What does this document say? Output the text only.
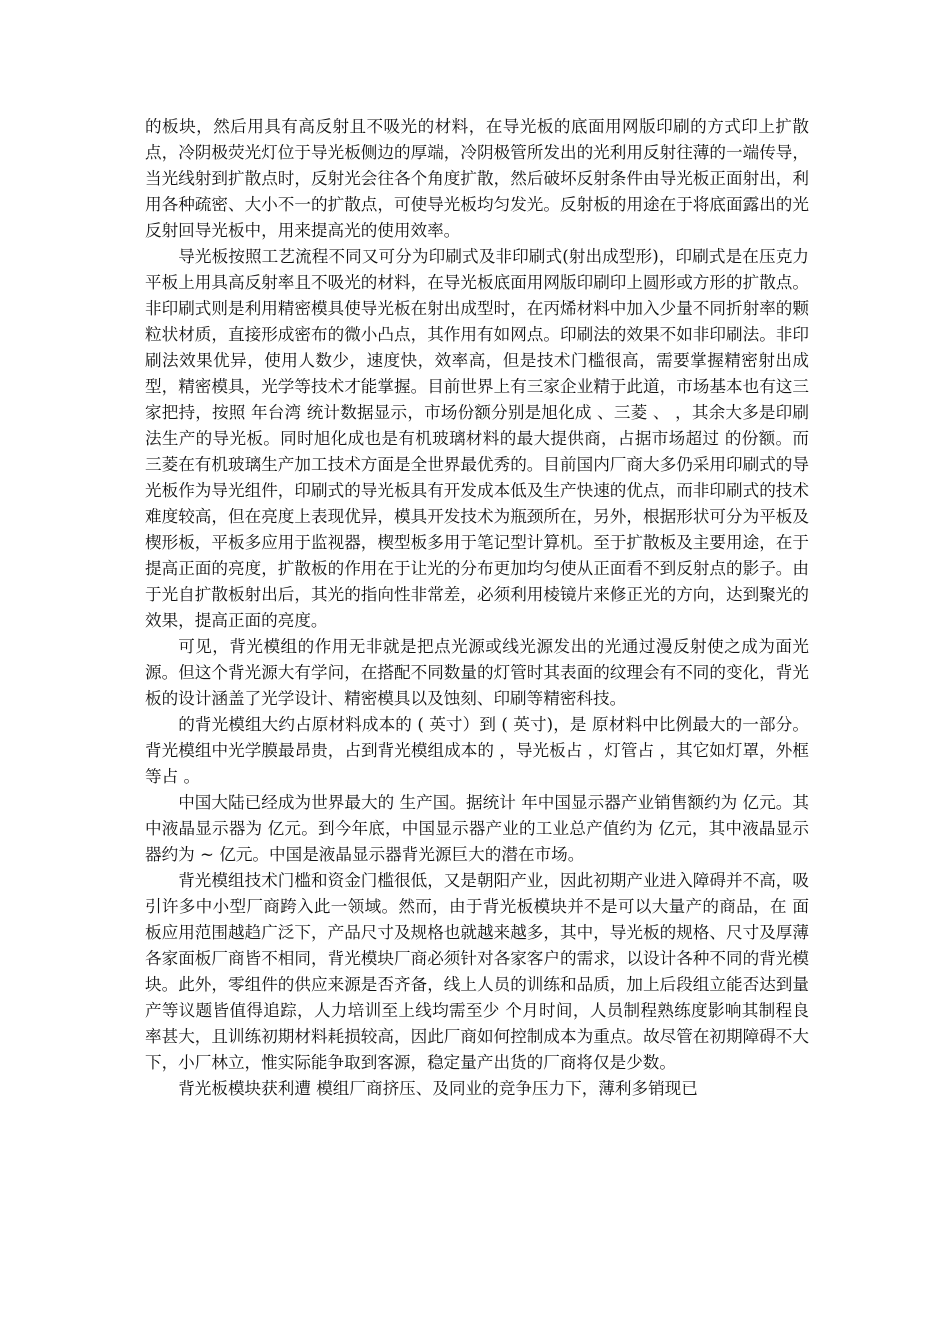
的板块，然后用具有高反射且不吸光的材料，在导光板的底面用网版印刷的方式印上扩散点，冷阴极荧光灯位于导光板侧边的厚端，冷阴极管所发出的光利用反射往薄的一端传导，当光线射到扩散点时，反射光会往各个角度扩散，然后破坏反射条件由导光板正面射出，利用各种疏密、大小不一的扩散点，可使导光板均匀发光。反射板的用途在于将底面露出的光反射回导光板中，用来提高光的使用效率。

导光板按照工艺流程不同又可分为印刷式及非印刷式(射出成型形)，印刷式是在压克力平板上用具高反射率且不吸光的材料，在导光板底面用网版印刷印上圆形或方形的扩散点。非印刷式则是利用精密模具使导光板在射出成型时，在丙烯材料中加入少量不同折射率的颗粒状材质，直接形成密布的微小凸点，其作用有如网点。印刷法的效果不如非印刷法。非印刷法效果优异，使用人数少，速度快，效率高，但是技术门槛很高，需要掌握精密射出成型，精密模具，光学等技术才能掌握。目前世界上有三家企业精于此道，市场基本也有这三家把持，按照 年台湾 统计数据显示，市场份额分别是旭化成 、三菱 、 ，其余大多是印刷法生产的导光板。同时旭化成也是有机玻璃材料的最大提供商，占据市场超过 的份额。而三菱在有机玻璃生产加工技术方面是全世界最优秀的。目前国内厂商大多仍采用印刷式的导光板作为导光组件，印刷式的导光板具有开发成本低及生产快速的优点，而非印刷式的技术难度较高，但在亮度上表现优异，模具开发技术为瓶颈所在，另外，根据形状可分为平板及楔形板，平板多应用于监视器，楔型板多用于笔记型计算机。至于扩散板及主要用途，在于提高正面的亮度，扩散板的作用在于让光的分布更加均匀使从正面看不到反射点的影子。由于光自扩散板射出后，其光的指向性非常差，必须利用棱镜片来修正光的方向，达到聚光的效果，提高正面的亮度。

可见，背光模组的作用无非就是把点光源或线光源发出的光通过漫反射使之成为面光源。但这个背光源大有学问，在搭配不同数量的灯管时其表面的纹理会有不同的变化，背光板的设计涵盖了光学设计、精密模具以及蚀刻、印刷等精密科技。

的背光模组大约占原材料成本的 ( 英寸）到 ( 英寸)，是 原材料中比例最大的一部分。背光模组中光学膜最昂贵，占到背光模组成本的 ，导光板占 ，灯管占 ，其它如灯罩，外框等占 。

中国大陆已经成为世界最大的 生产国。据统计 年中国显示器产业销售额约为 亿元。其中液晶显示器为 亿元。到今年底，中国显示器产业的工业总产值约为 亿元，其中液晶显示器约为 ~ 亿元。中国是液晶显示器背光源巨大的潜在市场。

背光模组技术门槛和资金门槛很低，又是朝阳产业，因此初期产业进入障碍并不高，吸引许多中小型厂商跨入此一领域。然而，由于背光板模块并不是可以大量产的商品，在 面板应用范围越趋广泛下，产品尺寸及规格也就越来越多，其中，导光板的规格、尺寸及厚薄各家面板厂商皆不相同，背光模块厂商必须针对各家客户的需求，以设计各种不同的背光模块。此外，零组件的供应来源是否齐备，线上人员的训练和品质，加上后段组立能否达到量产等议题皆值得追踪，人力培训至上线均需至少 个月时间，人员制程熟练度影响其制程良率甚大，且训练初期材料耗损较高，因此厂商如何控制成本为重点。故尽管在初期障碍不大下，小厂林立，惟实际能争取到客源，稳定量产出货的厂商将仅是少数。

背光板模块获利遭 模组厂商挤压、及同业的竞争压力下，薄利多销现已
